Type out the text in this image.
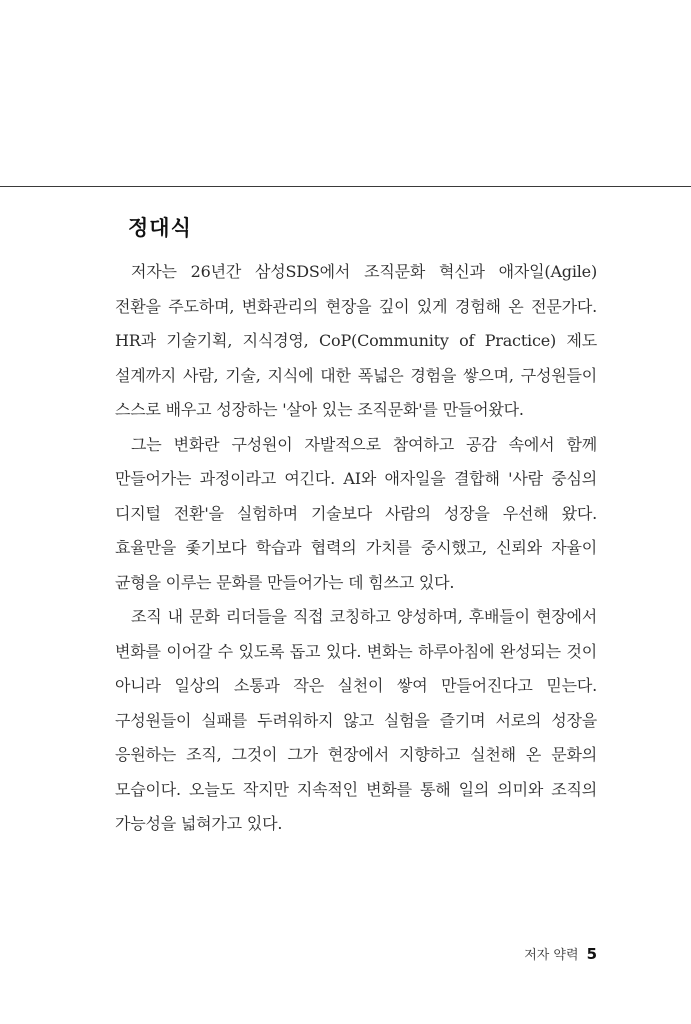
정대식

저자는 26년간 삼성SDS에서 조직문화 혁신과 애자일(Agile) 전환을 주도하며, 변화관리의 현장을 깊이 있게 경험해 온 전문가다. HR과 기술기획, 지식경영, CoP(Community of Practice) 제도 설계까지 사람, 기술, 지식에 대한 폭넓은 경험을 쌓으며, 구성원들이 스스로 배우고 성장하는 '살아 있는 조직문화'를 만들어왔다.

그는 변화란 구성원이 자발적으로 참여하고 공감 속에서 함께 만들어가는 과정이라고 여긴다. AI와 애자일을 결합해 '사람 중심의 디지털 전환'을 실험하며 기술보다 사람의 성장을 우선해 왔다. 효율만을 좇기보다 학습과 협력의 가치를 중시했고, 신뢰와 자율이 균형을 이루는 문화를 만들어가는 데 힘쓰고 있다.

조직 내 문화 리더들을 직접 코칭하고 양성하며, 후배들이 현장에서 변화를 이어갈 수 있도록 돕고 있다. 변화는 하루아침에 완성되는 것이 아니라 일상의 소통과 작은 실천이 쌓여 만들어진다고 믿는다. 구성원들이 실패를 두려워하지 않고 실험을 즐기며 서로의 성장을 응원하는 조직, 그것이 그가 현장에서 지향하고 실천해 온 문화의 모습이다. 오늘도 작지만 지속적인 변화를 통해 일의 의미와 조직의 가능성을 넓혀가고 있다.

저자 약력 5
